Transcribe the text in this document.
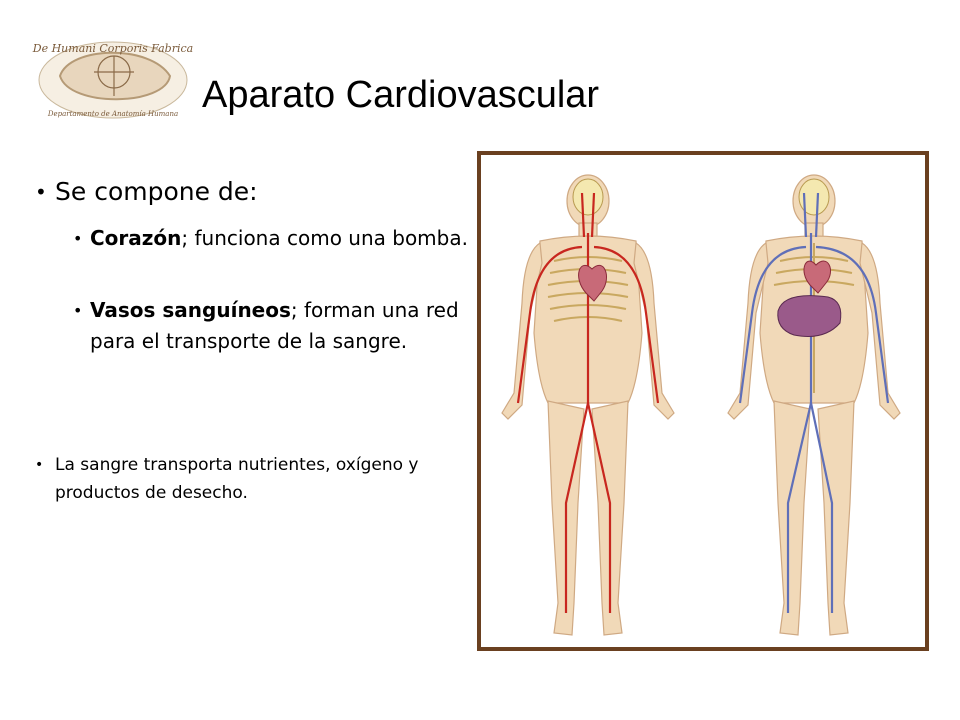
De Humani Corporis Fabrica
Departamento de Anatomía Humana Aparato Cardiovascular
• Se compone de:
• Corazón; funciona como una bomba.
• Vasos sanguíneos; forman una red para el transporte de la sangre.
• La sangre transporta nutrientes, oxígeno y productos de desecho.
